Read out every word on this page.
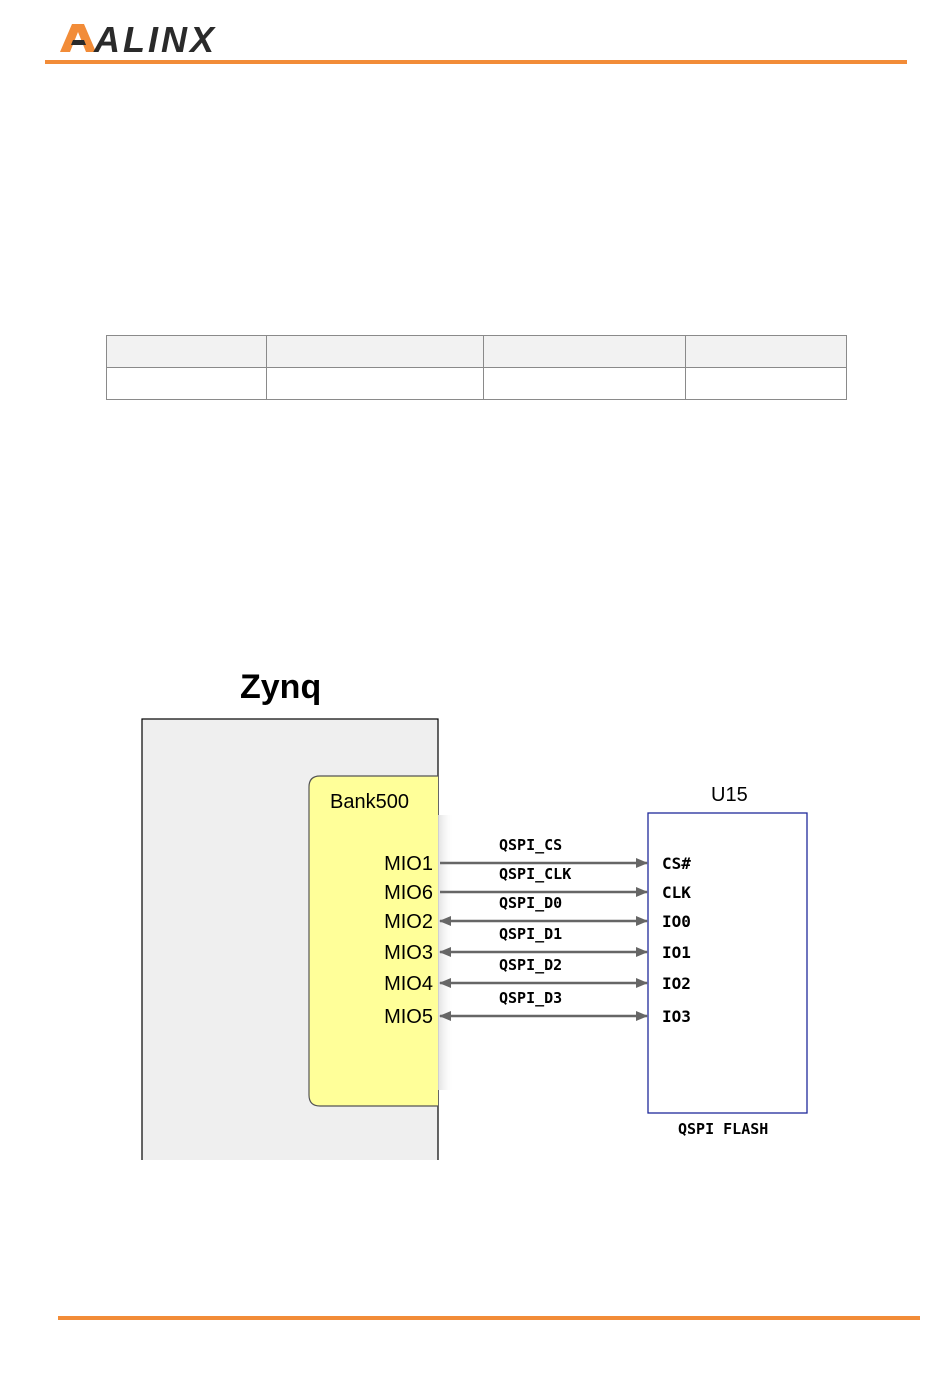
ALINX

Zynq
Bank500	U15
QSPI FLASH
MIO1
QSPI_CS
CS#
MIO6
QSPI_CLK
CLK
MIO2
QSPI_D0
IO0
MIO3
QSPI_D1
IO1
MIO4
QSPI_D2
IO2
MIO5
QSPI_D3
IO3
